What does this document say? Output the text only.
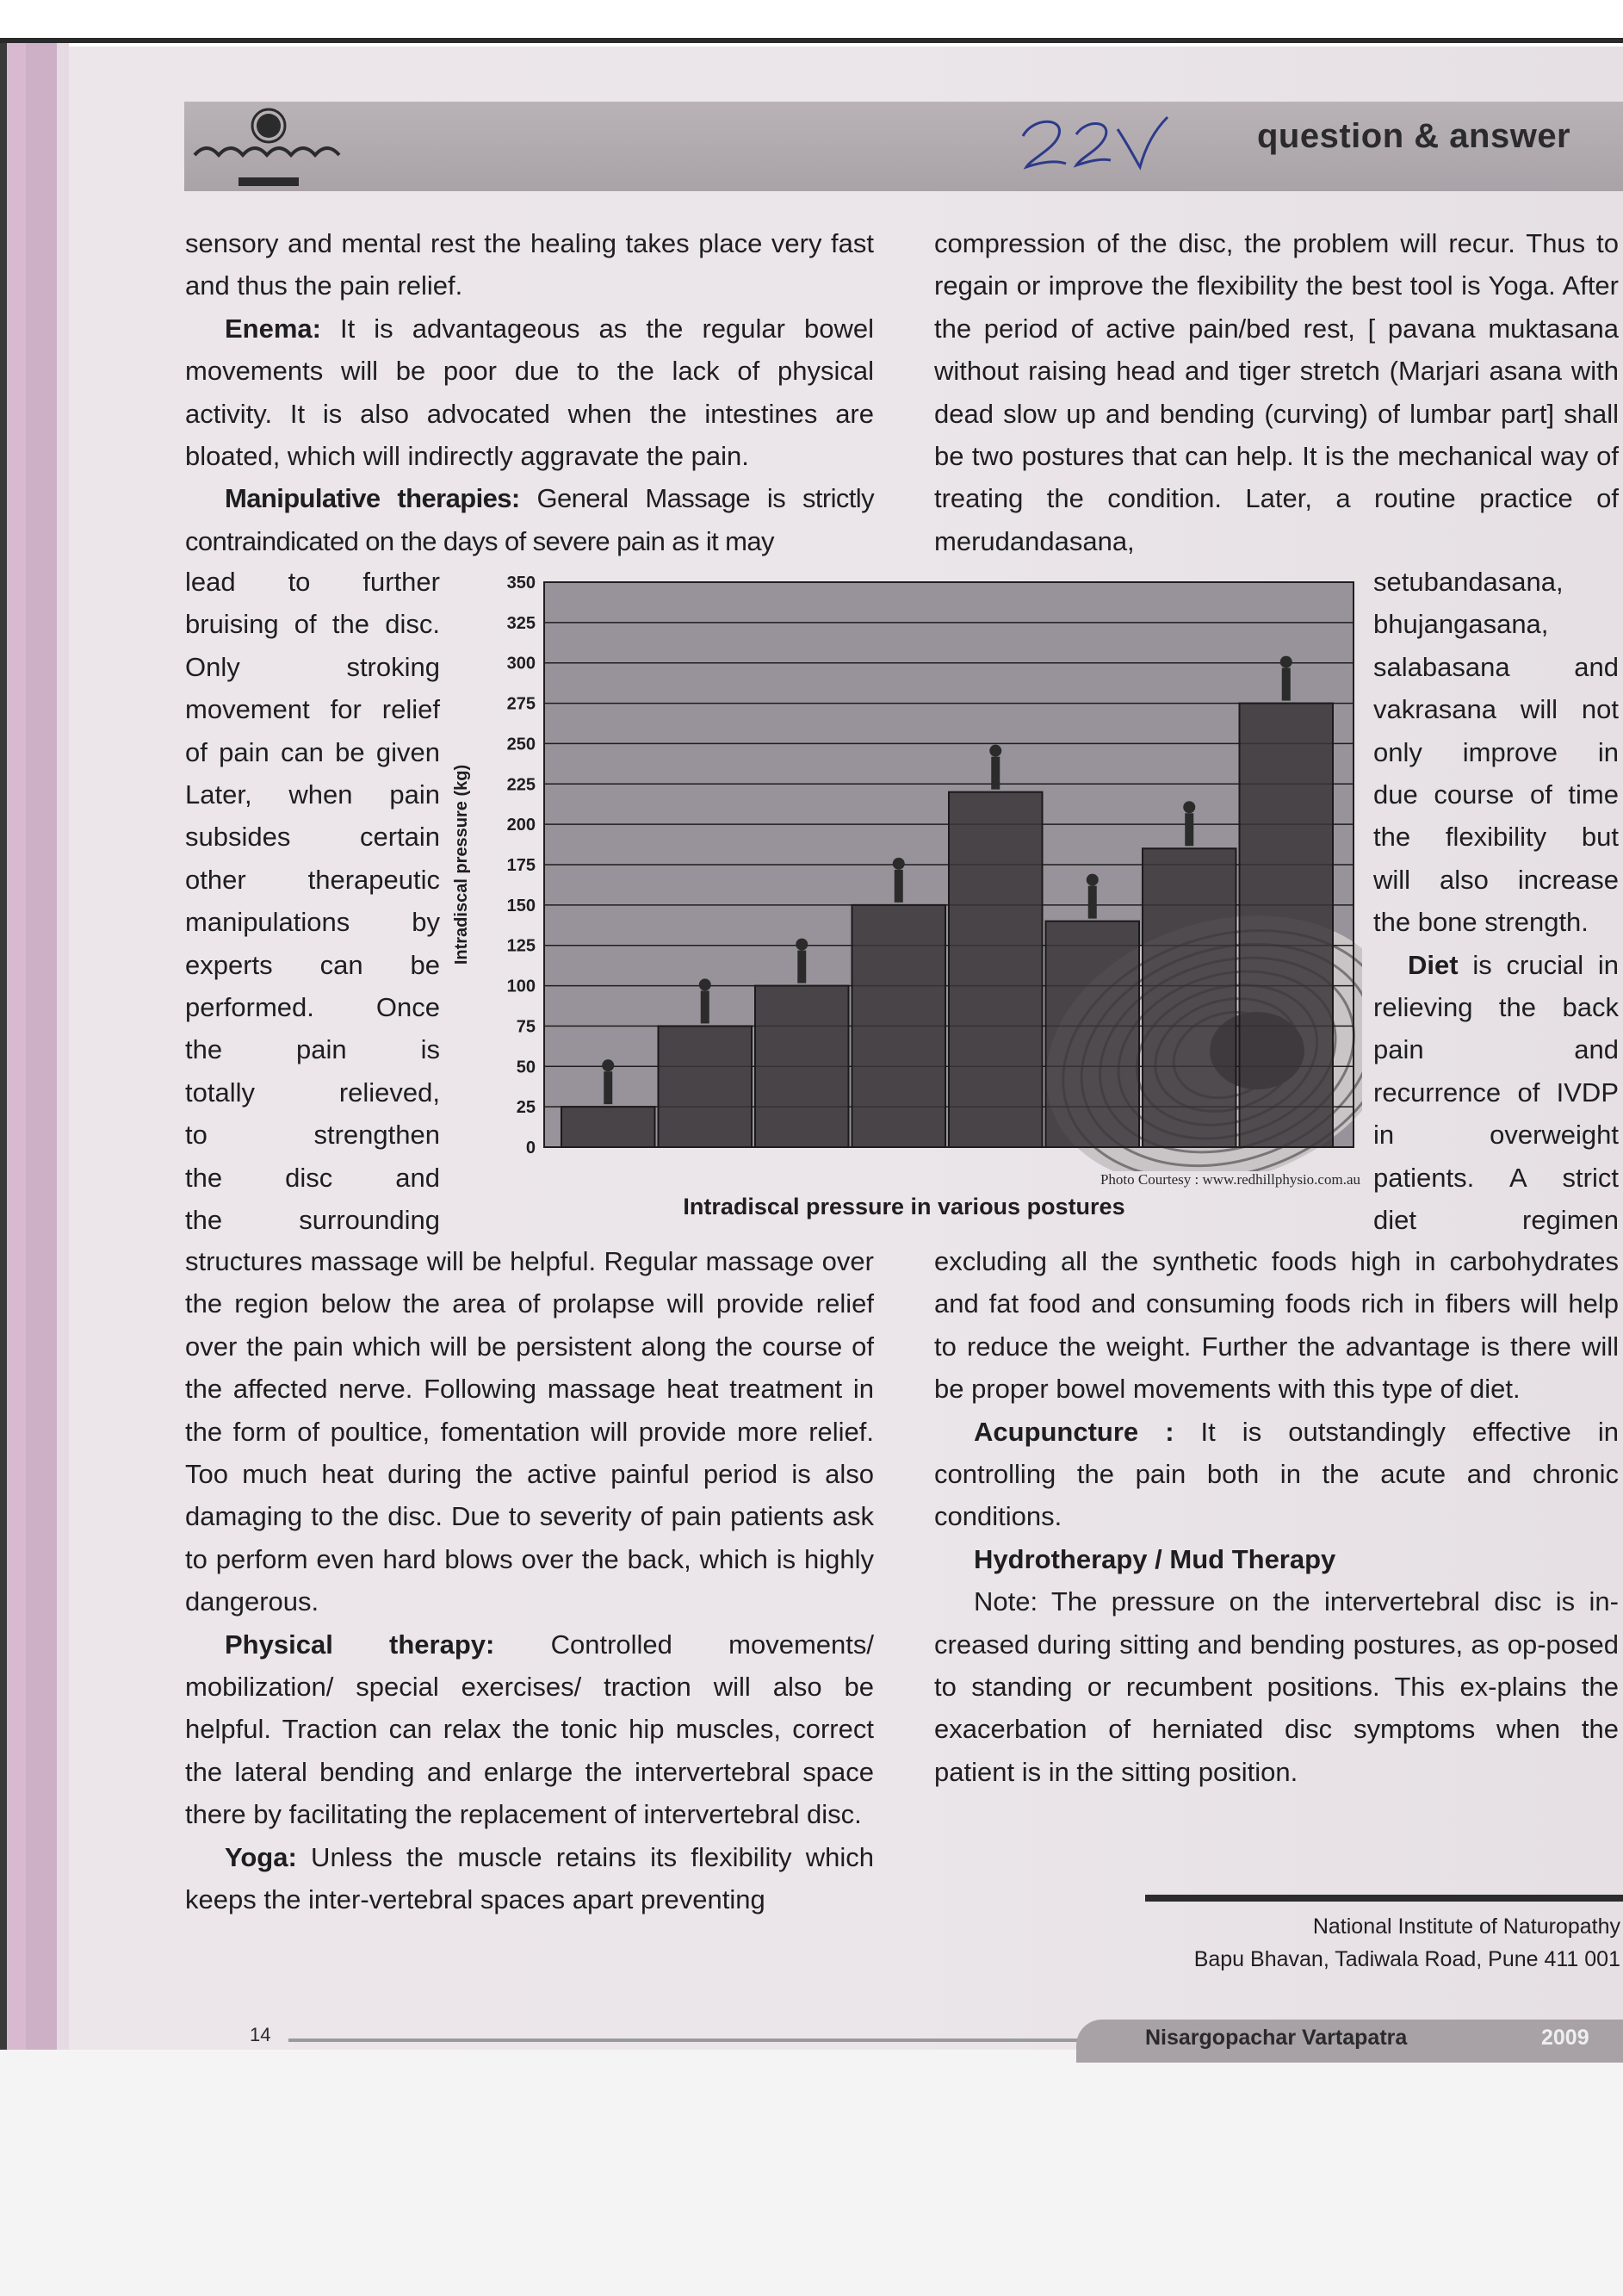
question & answer

sensory and mental rest the healing takes place very fast and thus the pain relief.

Enema: It is advantageous as the regular bowel movements will be poor due to the lack of physical activity. It is also advocated when the intestines are bloated, which will indirectly aggravate the pain.

Manipulative therapies: General Massage is strictly contraindicated on the days of severe pain as it may

lead to further

bruising of the disc.

Only stroking

movement for relief

of pain can be given

Later, when pain

subsides certain

other therapeutic

manipulations by

experts can be

performed. Once

the pain is

totally relieved,

to strengthen

the disc and

the surrounding

compression of the disc, the problem will recur. Thus to regain or improve the flexibility the best tool is Yoga. After the period of active pain/bed rest, [ pavana muktasana without raising head and tiger stretch (Marjari asana with dead slow up and bending (curving) of lumbar part] shall be two postures that can help. It is the mechanical way of treating the condition. Later, a routine practice of merudandasana,

setubandasana,

bhujangasana,

salabasana and

vakrasana will not

only improve in

due course of time

the flexibility but

will also increase

the bone strength.

Diet is crucial in

relieving the back

pain and

recurrence of IVDP

in overweight

patients. A strict

diet regimen

0
25
50
75
100
125
150
175
200
225
250
275
300
325
350
Intradiscal pressure (kg)
Photo Courtesy : www.redhillphysio.com.au
Intradiscal pressure in various postures

structures massage will be helpful. Regular massage over the region below the area of prolapse will provide relief over the pain which will be persistent along the course of the affected nerve. Following massage heat treatment in the form of poultice, fomentation will provide more relief. Too much heat during the active painful period is also damaging to the disc. Due to severity of pain patients ask to perform even hard blows over the back, which is highly dangerous.

Physical therapy: Controlled movements/ mobilization/ special exercises/ traction will also be helpful. Traction can relax the tonic hip muscles, correct the lateral bending and enlarge the intervertebral space there by facilitating the replacement of intervertebral disc.

Yoga: Unless the muscle retains its flexibility which keeps the inter-vertebral spaces apart preventing

excluding all the synthetic foods high in carbohydrates and fat food and consuming foods rich in fibers will help to reduce the weight. Further the advantage is there will be proper bowel movements with this type of diet.

Acupuncture : It is outstandingly effective in controlling the pain both in the acute and chronic conditions.

Hydrotherapy / Mud Therapy

Note: The pressure on the intervertebral disc is in-creased during sitting and bending postures, as op-posed to standing or recumbent positions. This ex-plains the exacerbation of herniated disc symptoms when the patient is in the sitting position.

National Institute of Naturopathy
Bapu Bhavan, Tadiwala Road, Pune 411 001
14	Nisargopachar Vartapatra	2009
